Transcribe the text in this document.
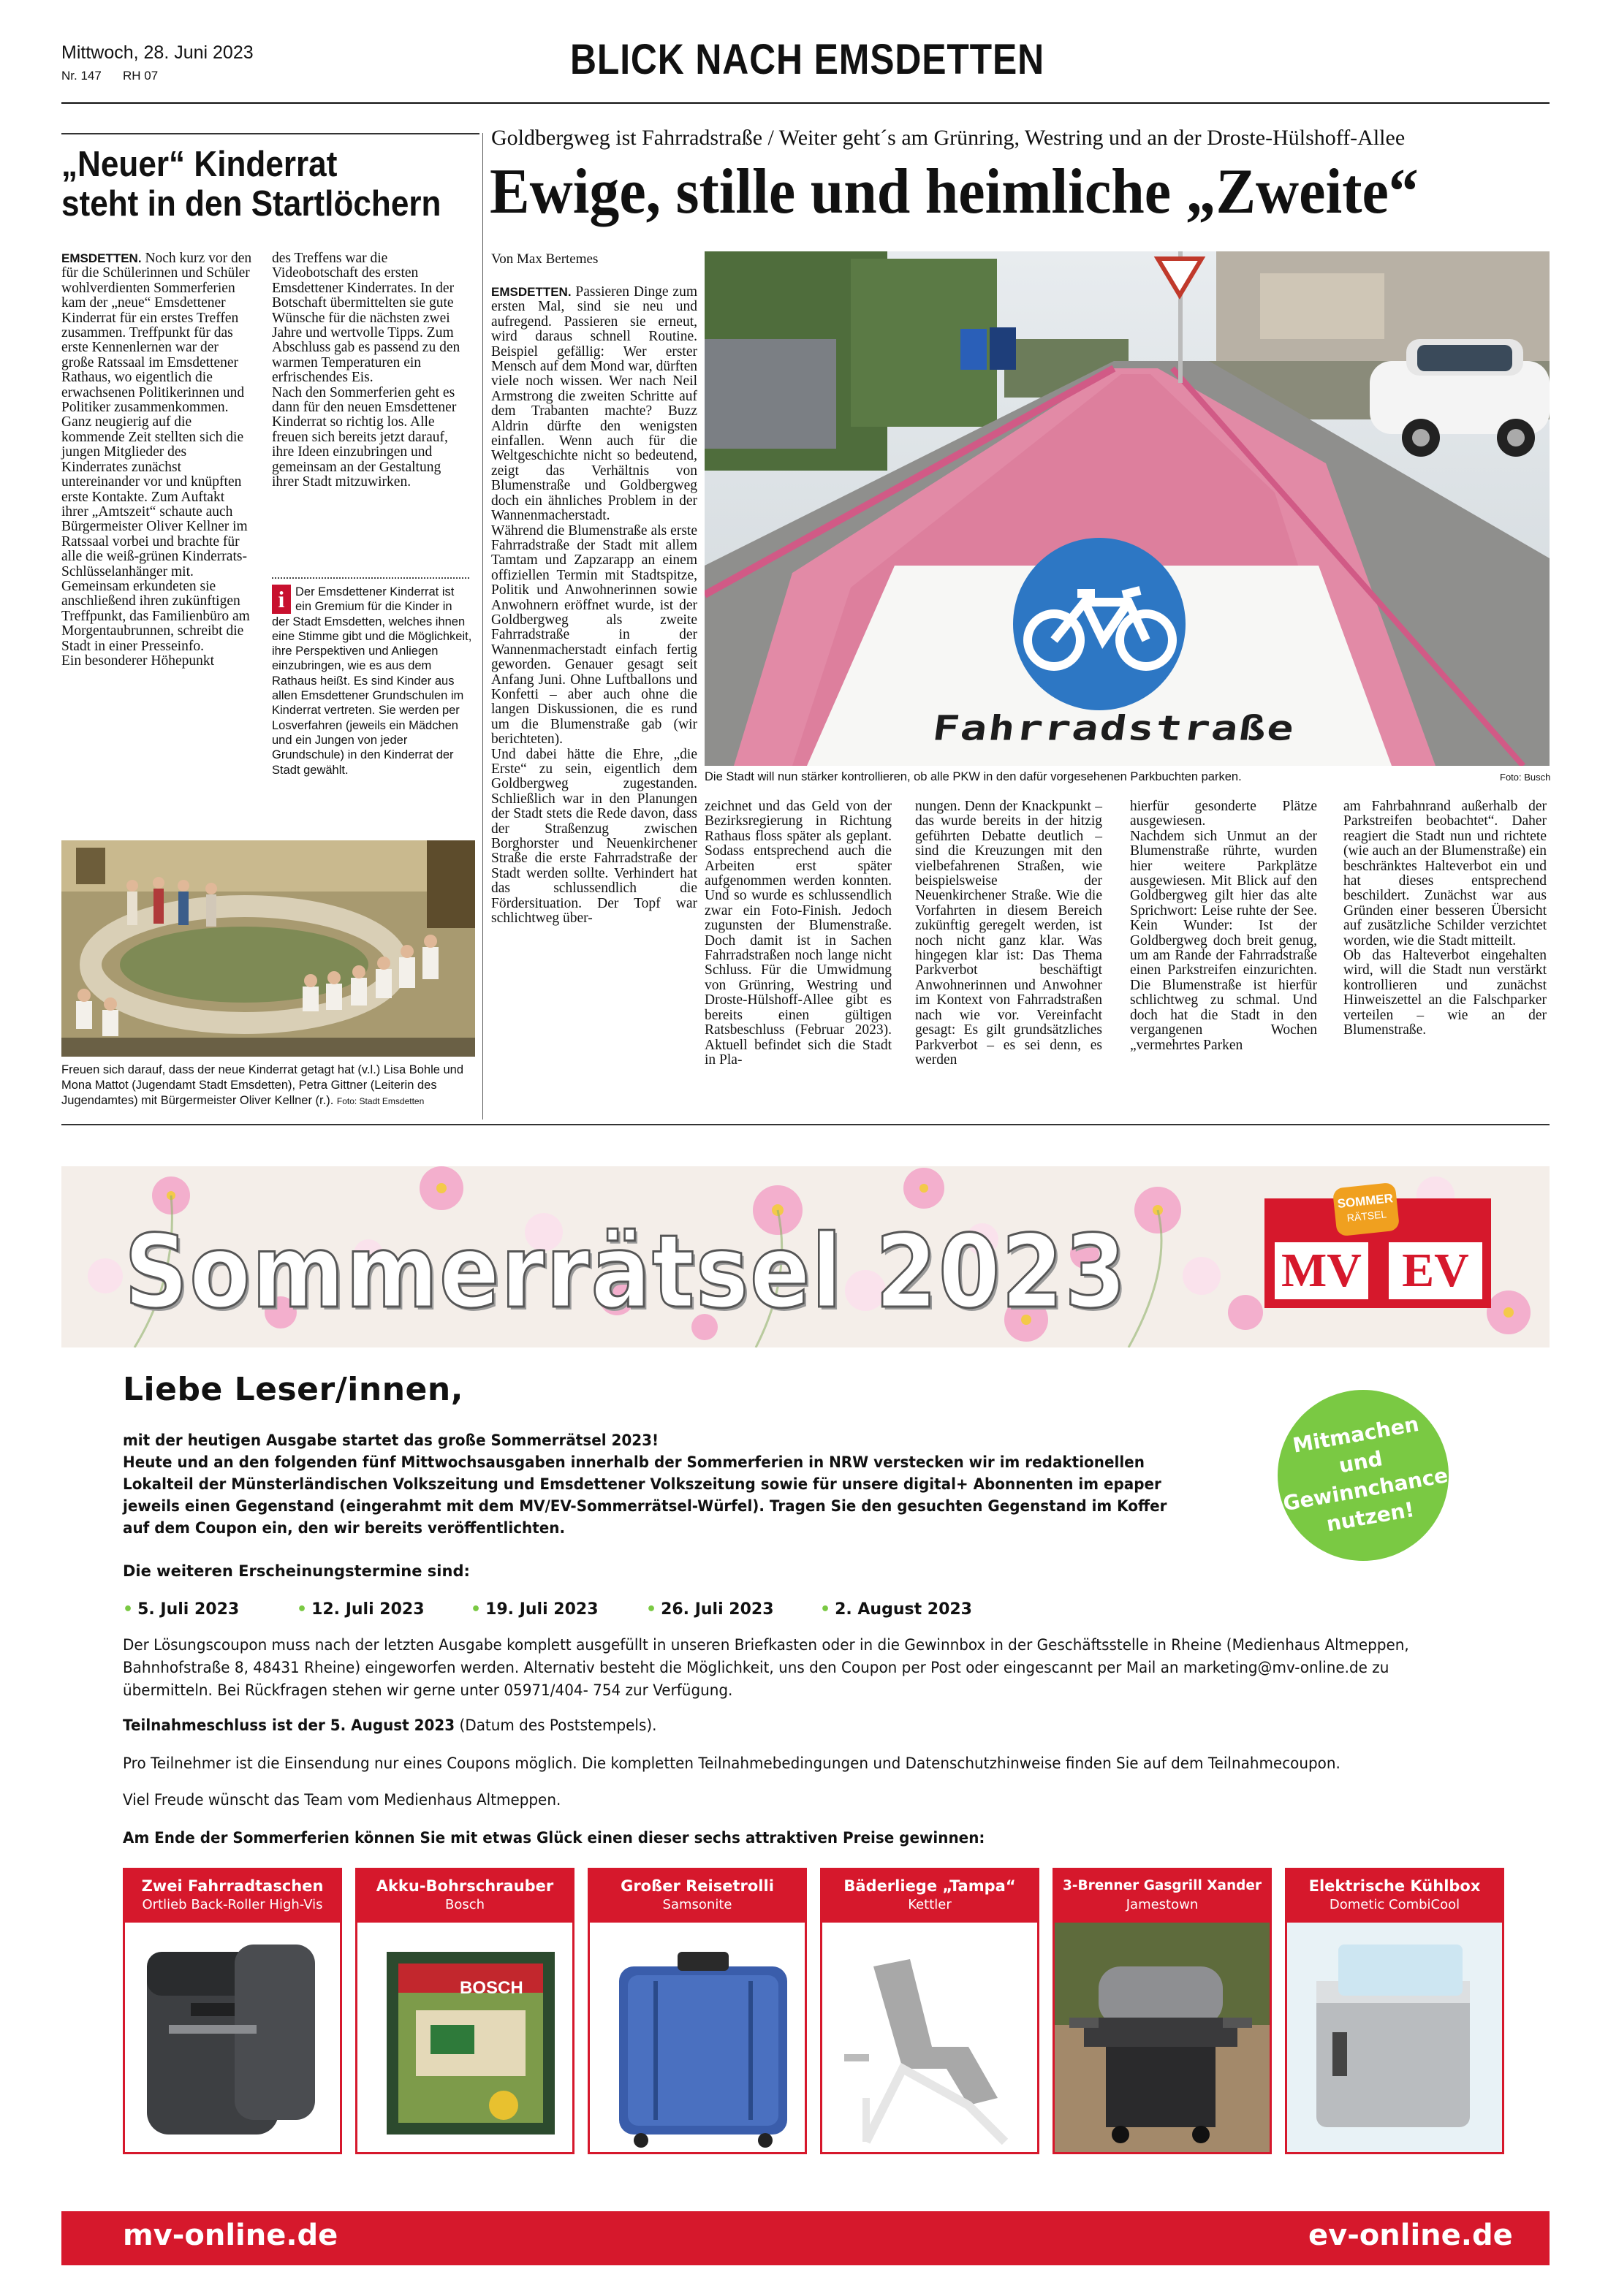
Mittwoch, 28. Juni 2023
Nr. 147 RH 07	BLICK NACH EMSDETTEN
„Neuer“ Kinderrat
steht in den Startlöchern
EMSDETTEN. Noch kurz vor den für die Schülerinnen und Schüler wohlverdienten Sommerferien kam der „neue“ Emsdettener Kinderrat für ein erstes Treffen zusammen. Treffpunkt für das erste Kennenlernen war der große Ratssaal im Emsdettener Rathaus, wo eigentlich die erwachsenen Politikerinnen und Politiker zusammenkommen.
Ganz neugierig auf die kommende Zeit stellten sich die jungen Mitglieder des Kinderrates zunächst untereinander vor und knüpften erste Kontakte. Zum Auftakt ihrer „Amtszeit“ schaute auch Bürgermeister Oliver Kellner im Ratssaal vorbei und brachte für alle die weiß-grünen Kinderrats-Schlüsselanhänger mit. Gemeinsam erkundeten sie anschließend ihren zukünftigen Treffpunkt, das Familienbüro am Morgentaubrunnen, schreibt die Stadt in einer Presseinfo.
Ein besonderer Höhepunkt
des Treffens war die Videobotschaft des ersten Emsdettener Kinderrates. In der Botschaft übermittelten sie gute Wünsche für die nächsten zwei Jahre und wertvolle Tipps. Zum Abschluss gab es passend zu den warmen Temperaturen ein erfrischendes Eis.
Nach den Sommerferien geht es dann für den neuen Emsdettener Kinderrat so richtig los. Alle freuen sich bereits jetzt darauf, ihre Ideen einzubringen und gemeinsam an der Gestaltung ihrer Stadt mitzuwirken.
i Der Emsdettener Kinderrat ist ein Gremium für die Kinder in der Stadt Emsdetten, welches ihnen eine Stimme gibt und die Möglichkeit, ihre Perspektiven und Anliegen einzubringen, wie es aus dem Rathaus heißt. Es sind Kinder aus allen Emsdettener Grundschulen im Kinderrat vertreten. Sie werden per Losverfahren (jeweils ein Mädchen und ein Jungen von jeder Grundschule) in den Kinderrat der Stadt gewählt.
Freuen sich darauf, dass der neue Kinderrat getagt hat (v.l.) Lisa Bohle und Mona Mattot (Jugendamt Stadt Emsdetten), Petra Gittner (Leiterin des Jugendamtes) mit Bürgermeister Oliver Kellner (r.). Foto: Stadt Emsdetten
Goldbergweg ist Fahrradstraße / Weiter geht´s am Grünring, Westring und an der Droste-Hülshoff-Allee
Ewige, stille und heimliche „Zweite“
Von Max Bertemes
EMSDETTEN. Passieren Dinge zum ersten Mal, sind sie neu und aufregend. Passieren sie erneut, wird daraus schnell Routine. Beispiel gefällig: Wer erster Mensch auf dem Mond war, dürften viele noch wissen. Wer nach Neil Armstrong die zweiten Schritte auf dem Trabanten machte? Buzz Aldrin dürfte den wenigsten einfallen. Wenn auch für die Weltgeschichte nicht so bedeutend, zeigt das Verhältnis von Blumenstraße und Goldbergweg doch ein ähnliches Problem in der Wannenmacherstadt.
Während die Blumenstraße als erste Fahrradstraße der Stadt mit allem Tamtam und Zapzarapp an einem offiziellen Termin mit Stadtspitze, Politik und Anwohnerinnen sowie Anwohnern eröffnet wurde, ist der Goldbergweg als zweite Fahrradstraße in der Wannenmacherstadt einfach fertig geworden. Genauer gesagt seit Anfang Juni. Ohne Luftballons und Konfetti – aber auch ohne die langen Diskussionen, die es rund um die Blumenstraße gab (wir berichteten).
Und dabei hätte die Ehre, „die Erste“ zu sein, eigentlich dem Goldbergweg zugestanden. Schließlich war in den Planungen der Stadt stets die Rede davon, dass der Straßenzug zwischen Borghorster und Neuenkirchener Straße die erste Fahrradstraße der Stadt werden sollte. Verhindert hat das schlussendlich die Fördersituation. Der Topf war schlichtweg über-
Fahrradstraße
Die Stadt will nun stärker kontrollieren, ob alle PKW in den dafür vorgesehenen Parkbuchten parken.	Foto: Busch
zeichnet und das Geld von der Bezirksregierung in Richtung Rathaus floss später als geplant. Sodass entsprechend auch die Arbeiten erst später aufgenommen werden konnten. Und so wurde es schlussendlich zwar ein Foto-Finish. Jedoch zugunsten der Blumenstraße. Doch damit ist in Sachen Fahrradstraßen noch lange nicht Schluss. Für die Umwidmung von Grünring, Westring und Droste-Hülshoff-Allee gibt es bereits einen gültigen Ratsbeschluss (Februar 2023). Aktuell befindet sich die Stadt in Pla-
nungen. Denn der Knackpunkt – das wurde bereits in der hitzig geführten Debatte deutlich – sind die Kreuzungen mit den vielbefahrenen Straßen, wie beispielsweise der Neuenkirchener Straße. Wie die Vorfahrten in diesem Bereich zukünftig geregelt werden, ist noch nicht ganz klar. Was hingegen klar ist: Das Thema Parkverbot beschäftigt Anwohnerinnen und Anwohner im Kontext von Fahrradstraßen nach wie vor. Vereinfacht gesagt: Es gilt grundsätzliches Parkverbot – es sei denn, es werden
hierfür gesonderte Plätze ausgewiesen.
Nachdem sich Unmut an der Blumenstraße rührte, wurden hier weitere Parkplätze ausgewiesen. Mit Blick auf den Goldbergweg gilt hier das alte Sprichwort: Leise ruhte der See. Kein Wunder: Ist der Goldbergweg doch breit genug, um am Rande der Fahrradstraße einen Parkstreifen einzurichten. Die Blumenstraße ist hierfür schlichtweg zu schmal. Und doch hat die Stadt in den vergangenen Wochen „vermehrtes Parken
am Fahrbahnrand außerhalb der Parkstreifen beobachtet“. Daher reagiert die Stadt nun und richtete (wie auch an der Blumenstraße) ein beschränktes Halteverbot ein und hat dieses entsprechend beschildert. Zunächst war aus Gründen einer besseren Übersicht auf zusätzliche Schilder verzichtet worden, wie die Stadt mitteilt.
Ob das Halteverbot eingehalten wird, will die Stadt nun verstärkt kontrollieren und zunächst Hinweiszettel an die Falschparker verteilen – wie an der Blumenstraße.
Sommerrätsel 2023	MV EV
SOMMER
RÄTSEL
Liebe Leser/innen,
mit der heutigen Ausgabe startet das große Sommerrätsel 2023!
Heute und an den folgenden fünf Mittwochsausgaben innerhalb der Sommerferien in NRW verstecken wir im redaktionellen Lokalteil der Münsterländischen Volkszeitung und Emsdettener Volkszeitung sowie für unsere digital+ Abonnenten im epaper jeweils einen Gegenstand (eingerahmt mit dem MV/EV-Sommerrätsel-Würfel). Tragen Sie den gesuchten Gegenstand im Koffer auf dem Coupon ein, den wir bereits veröffentlichten.
Mitmachen und Gewinnchance nutzen!
Die weiteren Erscheinungstermine sind:
• 5. Juli 2023	• 12. Juli 2023	• 19. Juli 2023	• 26. Juli 2023	• 2. August 2023
Der Lösungscoupon muss nach der letzten Ausgabe komplett ausgefüllt in unseren Briefkasten oder in die Gewinnbox in der Geschäftsstelle in Rheine (Medienhaus Altmeppen, Bahnhofstraße 8, 48431 Rheine) eingeworfen werden. Alternativ besteht die Möglichkeit, uns den Coupon per Post oder eingescannt per Mail an marketing@mv-online.de zu übermitteln. Bei Rückfragen stehen wir gerne unter 05971/404- 754 zur Verfügung.
Teilnahmeschluss ist der 5. August 2023 (Datum des Poststempels).
Pro Teilnehmer ist die Einsendung nur eines Coupons möglich. Die kompletten Teilnahmebedingungen und Datenschutzhinweise finden Sie auf dem Teilnahmecoupon.
Viel Freude wünscht das Team vom Medienhaus Altmeppen.
Am Ende der Sommerferien können Sie mit etwas Glück einen dieser sechs attraktiven Preise gewinnen:
Zwei Fahrradtaschen
Ortlieb Back-Roller High-Vis
Akku-Bohrschrauber
Bosch
BOSCH
Großer Reisetrolli
Samsonite
Bäderliege „Tampa“
Kettler
3-Brenner Gasgrill Xander
Jamestown
Elektrische Kühlbox
Dometic CombiCool
mv-online.de	ev-online.de
